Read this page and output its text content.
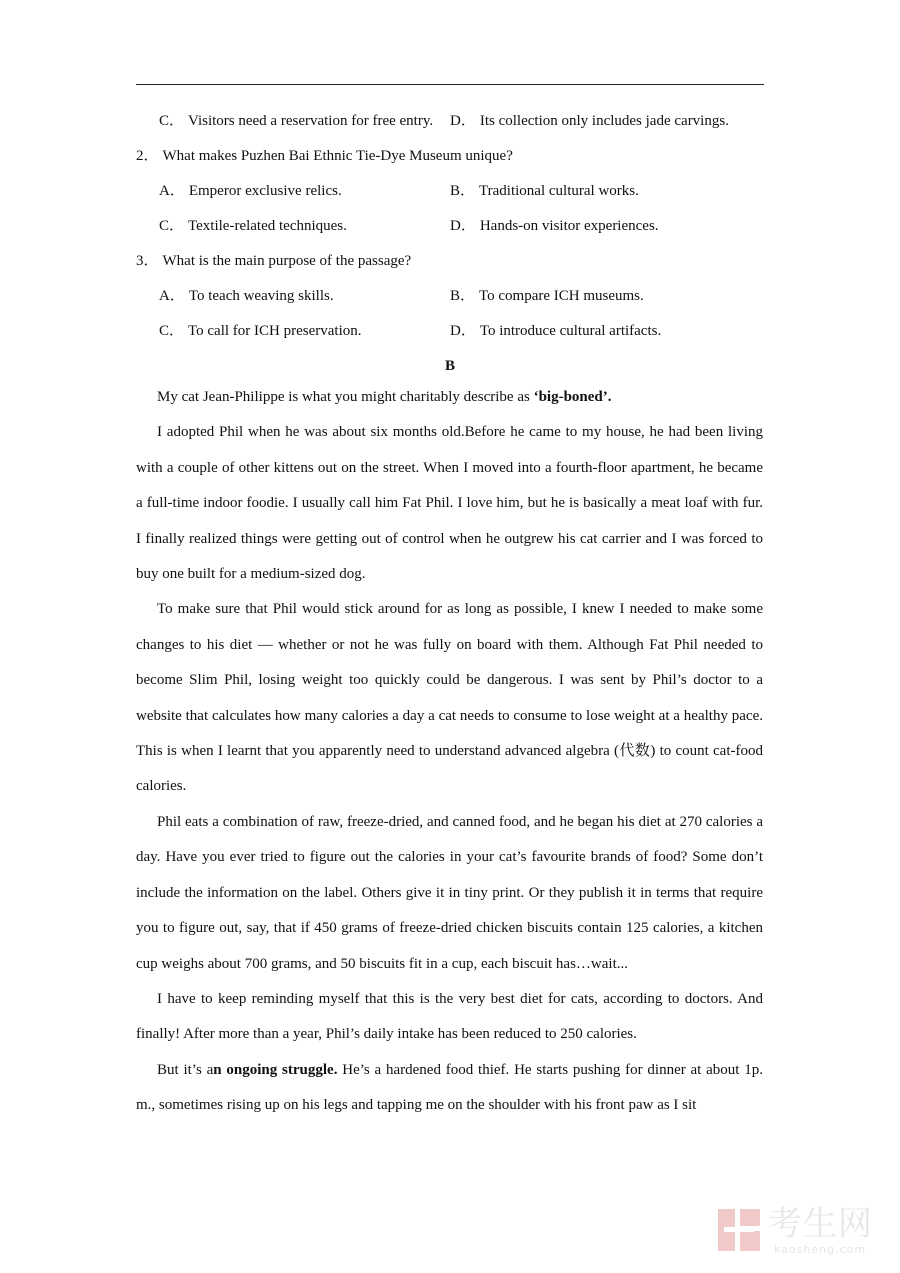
C． Visitors need a reservation for free entry. D． Its collection only includes jade carvings.
2． What makes Puzhen Bai Ethnic Tie-Dye Museum unique?
A． Emperor exclusive relics.	B． Traditional cultural works.
C． Textile-related techniques.	D． Hands-on visitor experiences.
3． What is the main purpose of the passage?
A． To teach weaving skills.	B． To compare ICH museums.
C． To call for ICH preservation.	D． To introduce cultural artifacts.
B

My cat Jean-Philippe is what you might charitably describe as ‘big-boned’.

I adopted Phil when he was about six months old.Before he came to my house, he had been living with a couple of other kittens out on the street. When I moved into a fourth-floor apartment, he became a full-time indoor foodie. I usually call him Fat Phil. I love him, but he is basically a meat loaf with fur. I finally realized things were getting out of control when he outgrew his cat carrier and I was forced to buy one built for a medium-sized dog.

To make sure that Phil would stick around for as long as possible, I knew I needed to make some changes to his diet — whether or not he was fully on board with them. Although Fat Phil needed to become Slim Phil, losing weight too quickly could be dangerous. I was sent by Phil’s doctor to a website that calculates how many calories a day a cat needs to consume to lose weight at a healthy pace. This is when I learnt that you apparently need to understand advanced algebra (代数) to count cat-food calories.

Phil eats a combination of raw, freeze-dried, and canned food, and he began his diet at 270 calories a day. Have you ever tried to figure out the calories in your cat’s favourite brands of food? Some don’t include the information on the label. Others give it in tiny print. Or they publish it in terms that require you to figure out, say, that if 450 grams of freeze-dried chicken biscuits contain 125 calories, a kitchen cup weighs about 700 grams, and 50 biscuits fit in a cup, each biscuit has…wait...

I have to keep reminding myself that this is the very best diet for cats, according to doctors. And finally! After more than a year, Phil’s daily intake has been reduced to 250 calories.

But it’s an ongoing struggle. He’s a hardened food thief. He starts pushing for dinner at about 1p. m., sometimes rising up on his legs and tapping me on the shoulder with his front paw as I sit

考生网
kaosheng.com
